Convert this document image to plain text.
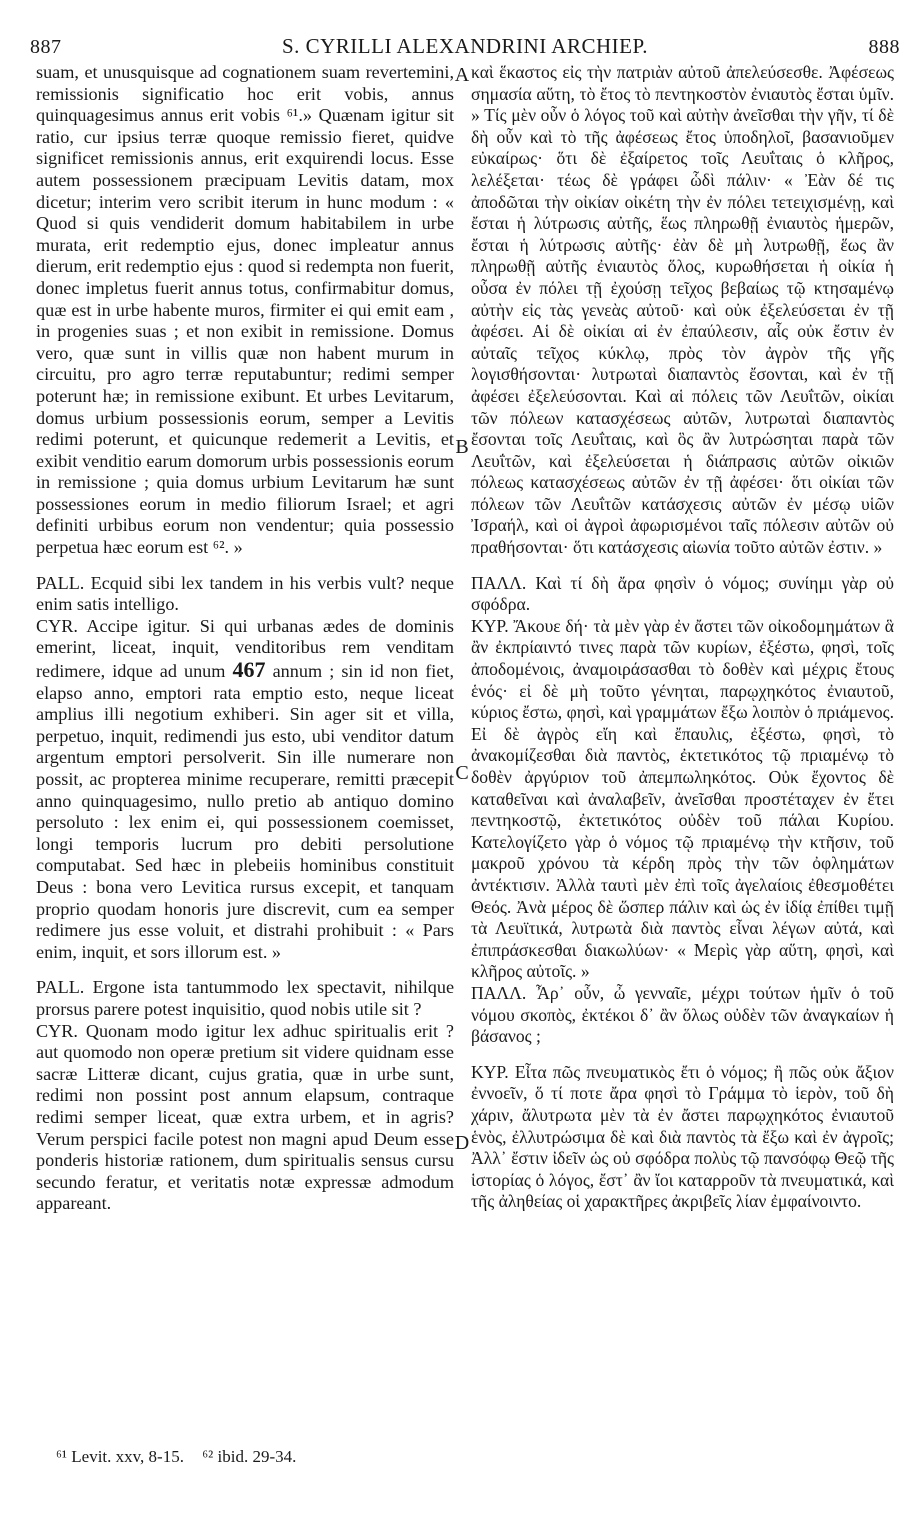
887	S. CYRILLI ALEXANDRINI ARCHIEP.	888

suam, et unusquisque ad cognationem suam revertemini, remissionis significatio hoc erit vobis, annus quinquagesimus annus erit vobis ⁶¹.» Quænam igitur sit ratio, cur ipsius terræ quoque remissio fieret, quidve significet remissionis annus, erit exquirendi locus. Esse autem possessionem præcipuam Levitis datam, mox dicetur; interim vero scribit iterum in hunc modum : « Quod si quis vendiderit domum habitabilem in urbe murata, erit redemptio ejus, donec impleatur annus dierum, erit redemptio ejus : quod si redempta non fuerit, donec impletus fuerit annus totus, confirmabitur domus, quæ est in urbe habente muros, firmiter ei qui emit eam , in progenies suas ; et non exibit in remissione. Domus vero, quæ sunt in villis quæ non habent murum in circuitu, pro agro terræ reputabuntur; redimi semper poterunt hæ; in remissione exibunt. Et urbes Levitarum, domus urbium possessionis eorum, semper a Levitis redimi poterunt, et quicunque redemerit a Levitis, et exibit venditio earum domorum urbis possessionis eorum in remissione ; quia domus urbium Levitarum hæ sunt possessiones eorum in medio filiorum Israel; et agri definiti urbibus eorum non vendentur; quia possessio perpetua hæc eorum est ⁶². »

PALL. Ecquid sibi lex tandem in his verbis vult? neque enim satis intelligo.

CYR. Accipe igitur. Si qui urbanas ædes de dominis emerint, liceat, inquit, venditoribus rem venditam redimere, idque ad unum 467 annum ; sin id non fiet, elapso anno, emptori rata emptio esto, neque liceat amplius illi negotium exhibeгi. Sin ager sit et villa, perpetuo, inquit, redimendi jus esto, ubi venditor datum argentum emptori persolverit. Sin ille numerare non possit, ac propterea minime recuperare, remitti præcepit anno quinquagesimo, nullo pretio ab antiquo domino persoluto : lex enim ei, qui possessionem coemisset, longi temporis lucrum pro debiti persolutione computabat. Sed hæc in plebeiis hominibus constituit Deus : bona vero Levitica rursus excepit, et tanquam proprio quodam honoris jure discrevit, cum ea semper redimere jus esse voluit, et distrahi prohibuit : « Pars enim, inquit, et sors illorum est. »

PALL. Ergone ista tantummodo lex spectavit, nihilque prorsus parere potest inquisitio, quod nobis utile sit ?

CYR. Quonam modo igitur lex adhuc spiritualis erit ? aut quomodo non operæ pretium sit videre quidnam esse sacræ Litteræ dicant, cujus gratia, quæ in urbe sunt, redimi non possint post annum elapsum, contraque redimi semper liceat, quæ extra urbem, et in agris? Verum perspici facile potest non magni apud Deum esse ponderis historiæ rationem, dum spiritualis sensus cursu secundo feratur, et veritatis notæ expressæ admodum appareant.

A
B
C
D

καὶ ἕκαστος εἰς τὴν πατριὰν αὐτοῦ ἀπελεύσεσθε. Ἀφέσεως σημασία αὕτη, τὸ ἔτος τὸ πεντηκοστὸν ἐνιαυτὸς ἔσται ὑμῖν. » Τίς μὲν οὖν ὁ λόγος τοῦ καὶ αὐτὴν ἀνεῖσθαι τὴν γῆν, τί δὲ δὴ οὖν καὶ τὸ τῆς ἀφέσεως ἔτος ὑποδηλοῖ, βασανιοῦμεν εὐκαίρως· ὅτι δὲ ἐξαίρετος τοῖς Λευΐταις ὁ κλῆρος, λελέξεται· τέως δὲ γράφει ὧδὶ πάλιν· « Ἐὰν δέ τις ἀποδῶται τὴν οἰκίαν οἰκέτη τὴν ἐν πόλει τετειχισμένῃ, καὶ ἔσται ἡ λύτρωσις αὐτῆς, ἕως πληρωθῇ ἐνιαυτὸς ἡμερῶν, ἔσται ἡ λύτρωσις αὐτῆς· ἐὰν δὲ μὴ λυτρωθῇ, ἕως ἂν πληρωθῇ αὐτῆς ἐνιαυτὸς ὅλος, κυρωθήσεται ἡ οἰκία ἡ οὖσα ἐν πόλει τῇ ἐχούσῃ τεῖχος βεβαίως τῷ κτησαμένῳ αὐτὴν εἰς τὰς γενεὰς αὐτοῦ· καὶ οὐκ ἐξελεύσεται ἐν τῇ ἀφέσει. Αἱ δὲ οἰκίαι αἱ ἐν ἐπαύλεσιν, αἷς οὐκ ἔστιν ἐν αὐταῖς τεῖχος κύκλῳ, πρὸς τὸν ἀγρὸν τῆς γῆς λογισθήσονται· λυτρωταὶ διαπαντὸς ἔσονται, καὶ ἐν τῇ ἀφέσει ἐξελεύσονται. Καὶ αἱ πόλεις τῶν Λευΐτῶν, οἰκίαι τῶν πόλεων κατασχέσεως αὐτῶν, λυτρωταὶ διαπαντὸς ἔσονται τοῖς Λευΐταις, καὶ ὃς ἂν λυτρώσηται παρὰ τῶν Λευΐτῶν, καὶ ἐξελεύσεται ἡ διάπρασις αὐτῶν οἰκιῶν πόλεως κατασχέσεως αὐτῶν ἐν τῇ ἀφέσει· ὅτι οἰκίαι τῶν πόλεων τῶν Λευΐτῶν κατάσχεσις αὐτῶν ἐν μέσῳ υἱῶν Ἰσραήλ, καὶ οἱ ἀγροὶ ἀφωρισμένοι ταῖς πόλεσιν αὐτῶν οὐ πραθήσονται· ὅτι κατάσχεσις αἰωνία τοῦτο αὐτῶν ἐστιν. »

ΠΑΛΛ. Καὶ τί δὴ ἄρα φησὶν ὁ νόμος; συνίημι γὰρ οὐ σφόδρα.

ΚΥΡ. Ἄκουε δή· τὰ μὲν γὰρ ἐν ἄστει τῶν οἰκοδομημάτων ἃ ἂν ἐκπρίαιντό τινες παρὰ τῶν κυρίων, ἐξέστω, φησὶ, τοῖς ἀποδομένοις, ἀναμοιράσασθαι τὸ δοθὲν καὶ μέχρις ἔτους ἑνός· εἰ δὲ μὴ τοῦτο γένηται, παρῳχηκότος ἐνιαυτοῦ, κύριος ἔστω, φησὶ, καὶ γραμμάτων ἔξω λοιπὸν ὁ πριάμενος. Εἰ δὲ ἀγρὸς εἴη καὶ ἔπαυλις, ἐξέστω, φησὶ, τὸ ἀνακομίζεσθαι διὰ παντὸς, ἐκτετικότος τῷ πριαμένῳ τὸ δοθὲν ἀργύριον τοῦ ἀπεμπωληκότος. Οὐκ ἔχοντος δὲ καταθεῖναι καὶ ἀναλαβεῖν, ἀνεῖσθαι προστέταχεν ἐν ἔτει πεντηκοστῷ, ἐκτετικότος οὐδὲν τοῦ πάλαι Κυρίου. Κατελογίζετο γὰρ ὁ νόμος τῷ πριαμένῳ τὴν κτῆσιν, τοῦ μακροῦ χρόνου τὰ κέρδη πρὸς τὴν τῶν ὀφλημάτων ἀντέκτισιν. Ἀλλὰ ταυτὶ μὲν ἐπὶ τοῖς ἀγελαίοις ἐθεσμοθέτει Θεός. Ἀνὰ μέρος δὲ ὥσπερ πάλιν καὶ ὡς ἐν ἰδίᾳ ἐπίθει τιμῇ τὰ Λευϊτικά, λυτρωτὰ διὰ παντὸς εἶναι λέγων αὐτά, καὶ ἐπιπράσκεσθαι διακωλύων· « Μερὶς γὰρ αὕτη, φησὶ, καὶ κλῆρος αὐτοῖς. »

ΠΑΛΛ. Ἆρ᾿ οὖν, ὦ γενναῖε, μέχρι τούτων ἡμῖν ὁ τοῦ νόμου σκοπὸς, ἐκτέκοι δ᾿ ἂν ὅλως οὐδὲν τῶν ἀναγκαίων ἡ βάσανος ;

ΚΥΡ. Εἶτα πῶς πνευματικὸς ἔτι ὁ νόμος; ἢ πῶς οὐκ ἄξιον ἐννοεῖν, ὅ τί ποτε ἄρα φησὶ τὸ Γράμμα τὸ ἱερὸν, τοῦ δὴ χάριν, ἄλυτρωτα μὲν τὰ ἐν ἄστει παρῳχηκότος ἐνιαυτοῦ ἑνὸς, ἐλλυτρώσιμα δὲ καὶ διὰ παντὸς τὰ ἔξω καὶ ἐν ἀγροῖς; Ἀλλ᾿ ἔστιν ἰδεῖν ὡς οὐ σφόδρα πολὺς τῷ πανσόφῳ Θεῷ τῆς ἱστορίας ὁ λόγος, ἔστ᾿ ἂν ἴοι καταρροῦν τὰ πνευματικά, καὶ τῆς ἀληθείας οἱ χαρακτῆρες ἀκριβεῖς λίαν ἐμφαίνοιντο.

⁶¹ Levit. xxv, 8-15. ⁶² ibid. 29-34.
